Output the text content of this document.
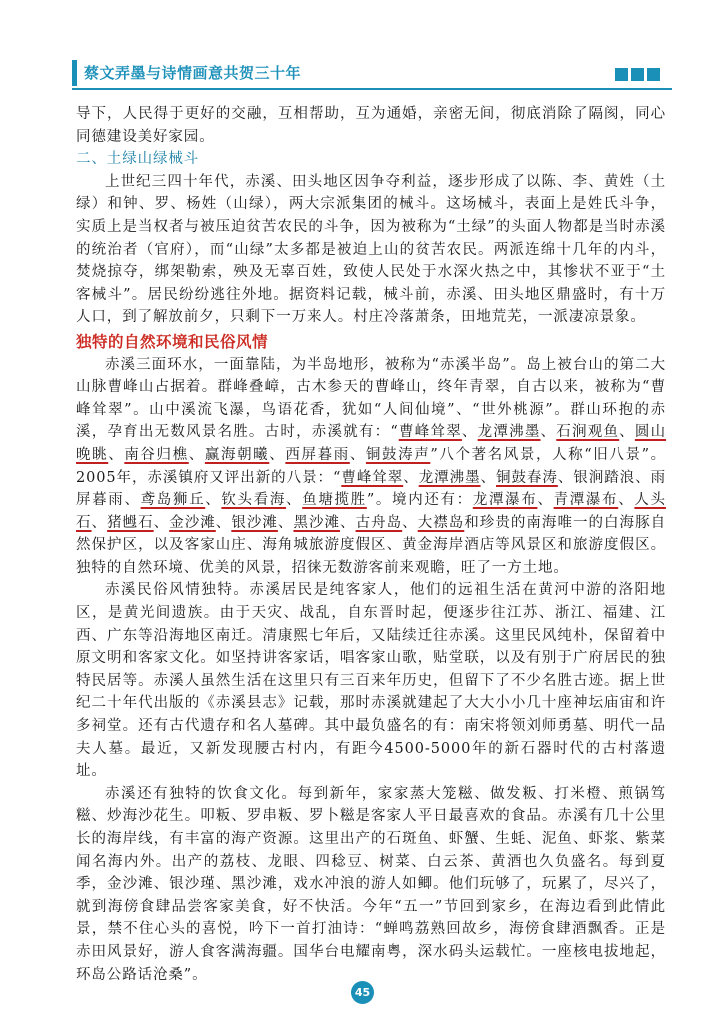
蔡文弄墨与诗情画意共贺三十年

导下，人民得于更好的交融，互相帮助，互为通婚，亲密无间，彻底消除了隔阂，同心同德建设美好家园。

二、土绿山绿械斗

上世纪三四十年代，赤溪、田头地区因争夺利益，逐步形成了以陈、李、黄姓（土绿）和钟、罗、杨姓（山绿），两大宗派集团的械斗。这场械斗，表面上是姓氏斗争，实质上是当权者与被压迫贫苦农民的斗争，因为被称为“土绿”的头面人物都是当时赤溪的统治者（官府），而“山绿”太多都是被迫上山的贫苦农民。两派连绵十几年的内斗，焚烧掠夺，绑架勒索，殃及无辜百姓，致使人民处于水深火热之中，其惨状不亚于“土客械斗”。居民纷纷逃往外地。据资料记载，械斗前，赤溪、田头地区鼎盛时，有十万人口，到了解放前夕，只剩下一万来人。村庄冷落萧条，田地荒芜，一派凄凉景象。

独特的自然环境和民俗风情

赤溪三面环水，一面靠陆，为半岛地形，被称为“赤溪半岛”。岛上被台山的第二大山脉曹峰山占据着。群峰叠嶂，古木参天的曹峰山，终年青翠，自古以来，被称为“曹峰耸翠”。山中溪流飞瀑，鸟语花香，犹如“人间仙境”、“世外桃源”。群山环抱的赤溪，孕育出无数风景名胜。古时，赤溪就有：“曹峰耸翠、龙潭沸墨、石涧观鱼、圆山晚眺、南谷归樵、赢海朝曦、西屏暮雨、铜鼓涛声”八个著名风景，人称“旧八景”。2005年，赤溪镇府又评出新的八景：“曹峰耸翠、龙潭沸墨、铜鼓春涛、银涧踏浪、雨屏暮雨、鸢岛狮丘、钦头看海、鱼塘揽胜”。境内还有：龙潭瀑布、青潭瀑布、人头石、猪乸石、金沙滩、银沙滩、黑沙滩、古舟岛、大襟岛和珍贵的南海唯一的白海豚自然保护区，以及客家山庄、海角城旅游度假区、黄金海岸酒店等风景区和旅游度假区。独特的自然环境、优美的风景，招徕无数游客前来观瞻，旺了一方土地。

赤溪民俗风情独特。赤溪居民是纯客家人，他们的远祖生活在黄河中游的洛阳地区，是黄光间遗族。由于天灾、战乱，自东晋时起，便逐步往江苏、浙江、福建、江西、广东等沿海地区南迁。清康熙七年后，又陆续迁往赤溪。这里民风纯朴，保留着中原文明和客家文化。如坚持讲客家话，唱客家山歌，贴堂联，以及有别于广府居民的独特民居等。赤溪人虽然生活在这里只有三百来年历史，但留下了不少名胜古迹。据上世纪二十年代出版的《赤溪县志》记载，那时赤溪就建起了大大小小几十座神坛庙宙和许多祠堂。还有古代遗存和名人墓碑。其中最负盛名的有：南宋将领刘师勇墓、明代一品夫人墓。最近，又新发现腰古村内，有距今4500-5000年的新石器时代的古村落遗址。

赤溪还有独特的饮食文化。每到新年，家家蒸大笼糍、做发粄、打米橙、煎锅笃糍、炒海沙花生。叩粄、罗串粄、罗卜糍是客家人平日最喜欢的食品。赤溪有几十公里长的海岸线，有丰富的海产资源。这里出产的石斑鱼、虾蟹、生蚝、泥鱼、虾浆、紫菜闻名海内外。出产的荔枝、龙眼、四稔豆、树菜、白云茶、黄酒也久负盛名。每到夏季，金沙滩、银沙瑾、黑沙滩，戏水冲浪的游人如鲫。他们玩够了，玩累了，尽兴了，就到海傍食肆品尝客家美食，好不快活。今年“五一”节回到家乡，在海边看到此情此景，禁不住心头的喜悦，吟下一首打油诗：“蝉鸣荔熟回故乡，海傍食肆酒飘香。正是赤田风景好，游人食客满海疆。国华台电耀南粤，深水码头运载忙。一座核电拔地起，环岛公路话沧桑”。

45
